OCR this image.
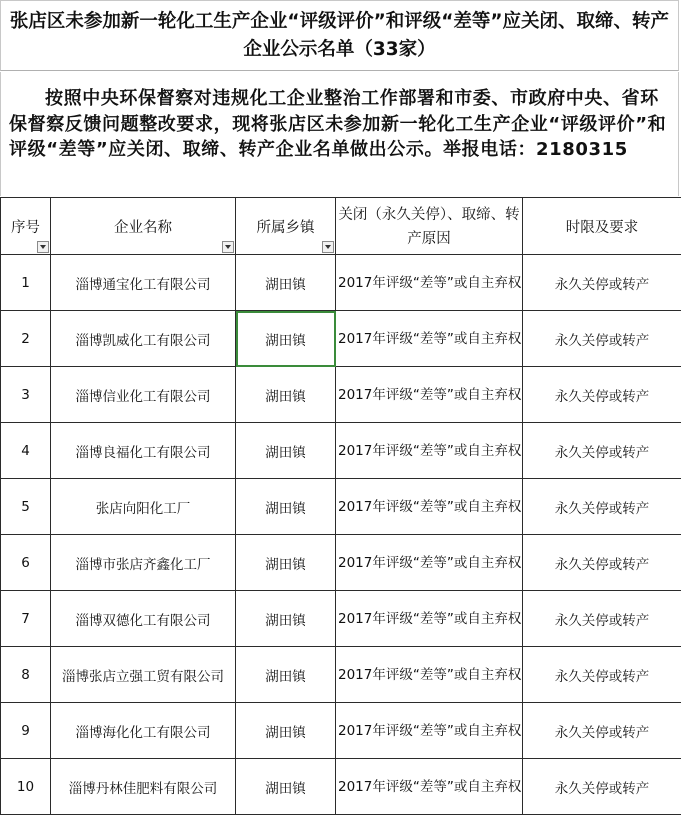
张店区未参加新一轮化工生产企业“评级评价”和评级“差等”应关闭、取缔、转产企业公示名单（33家）
按照中央环保督察对违规化工企业整治工作部署和市委、市政府中央、省环保督察反馈问题整改要求，现将张店区未参加新一轮化工生产企业“评级评价”和评级“差等”应关闭、取缔、转产企业名单做出公示。举报电话：2180315
序号	企业名称	所属乡镇	关闭（永久关停）、取缔、转产原因	时限及要求

1	淄博通宝化工有限公司	湖田镇	2017年评级“差等”或自主弃权	永久关停或转产
2	淄博凯威化工有限公司	湖田镇	2017年评级“差等”或自主弃权	永久关停或转产
3	淄博信业化工有限公司	湖田镇	2017年评级“差等”或自主弃权	永久关停或转产
4	淄博良福化工有限公司	湖田镇	2017年评级“差等”或自主弃权	永久关停或转产
5	张店向阳化工厂	湖田镇	2017年评级“差等”或自主弃权	永久关停或转产
6	淄博市张店齐鑫化工厂	湖田镇	2017年评级“差等”或自主弃权	永久关停或转产
7	淄博双德化工有限公司	湖田镇	2017年评级“差等”或自主弃权	永久关停或转产
8	淄博张店立强工贸有限公司	湖田镇	2017年评级“差等”或自主弃权	永久关停或转产
9	淄博海化化工有限公司	湖田镇	2017年评级“差等”或自主弃权	永久关停或转产
10	淄博丹林佳肥料有限公司	湖田镇	2017年评级“差等”或自主弃权	永久关停或转产
